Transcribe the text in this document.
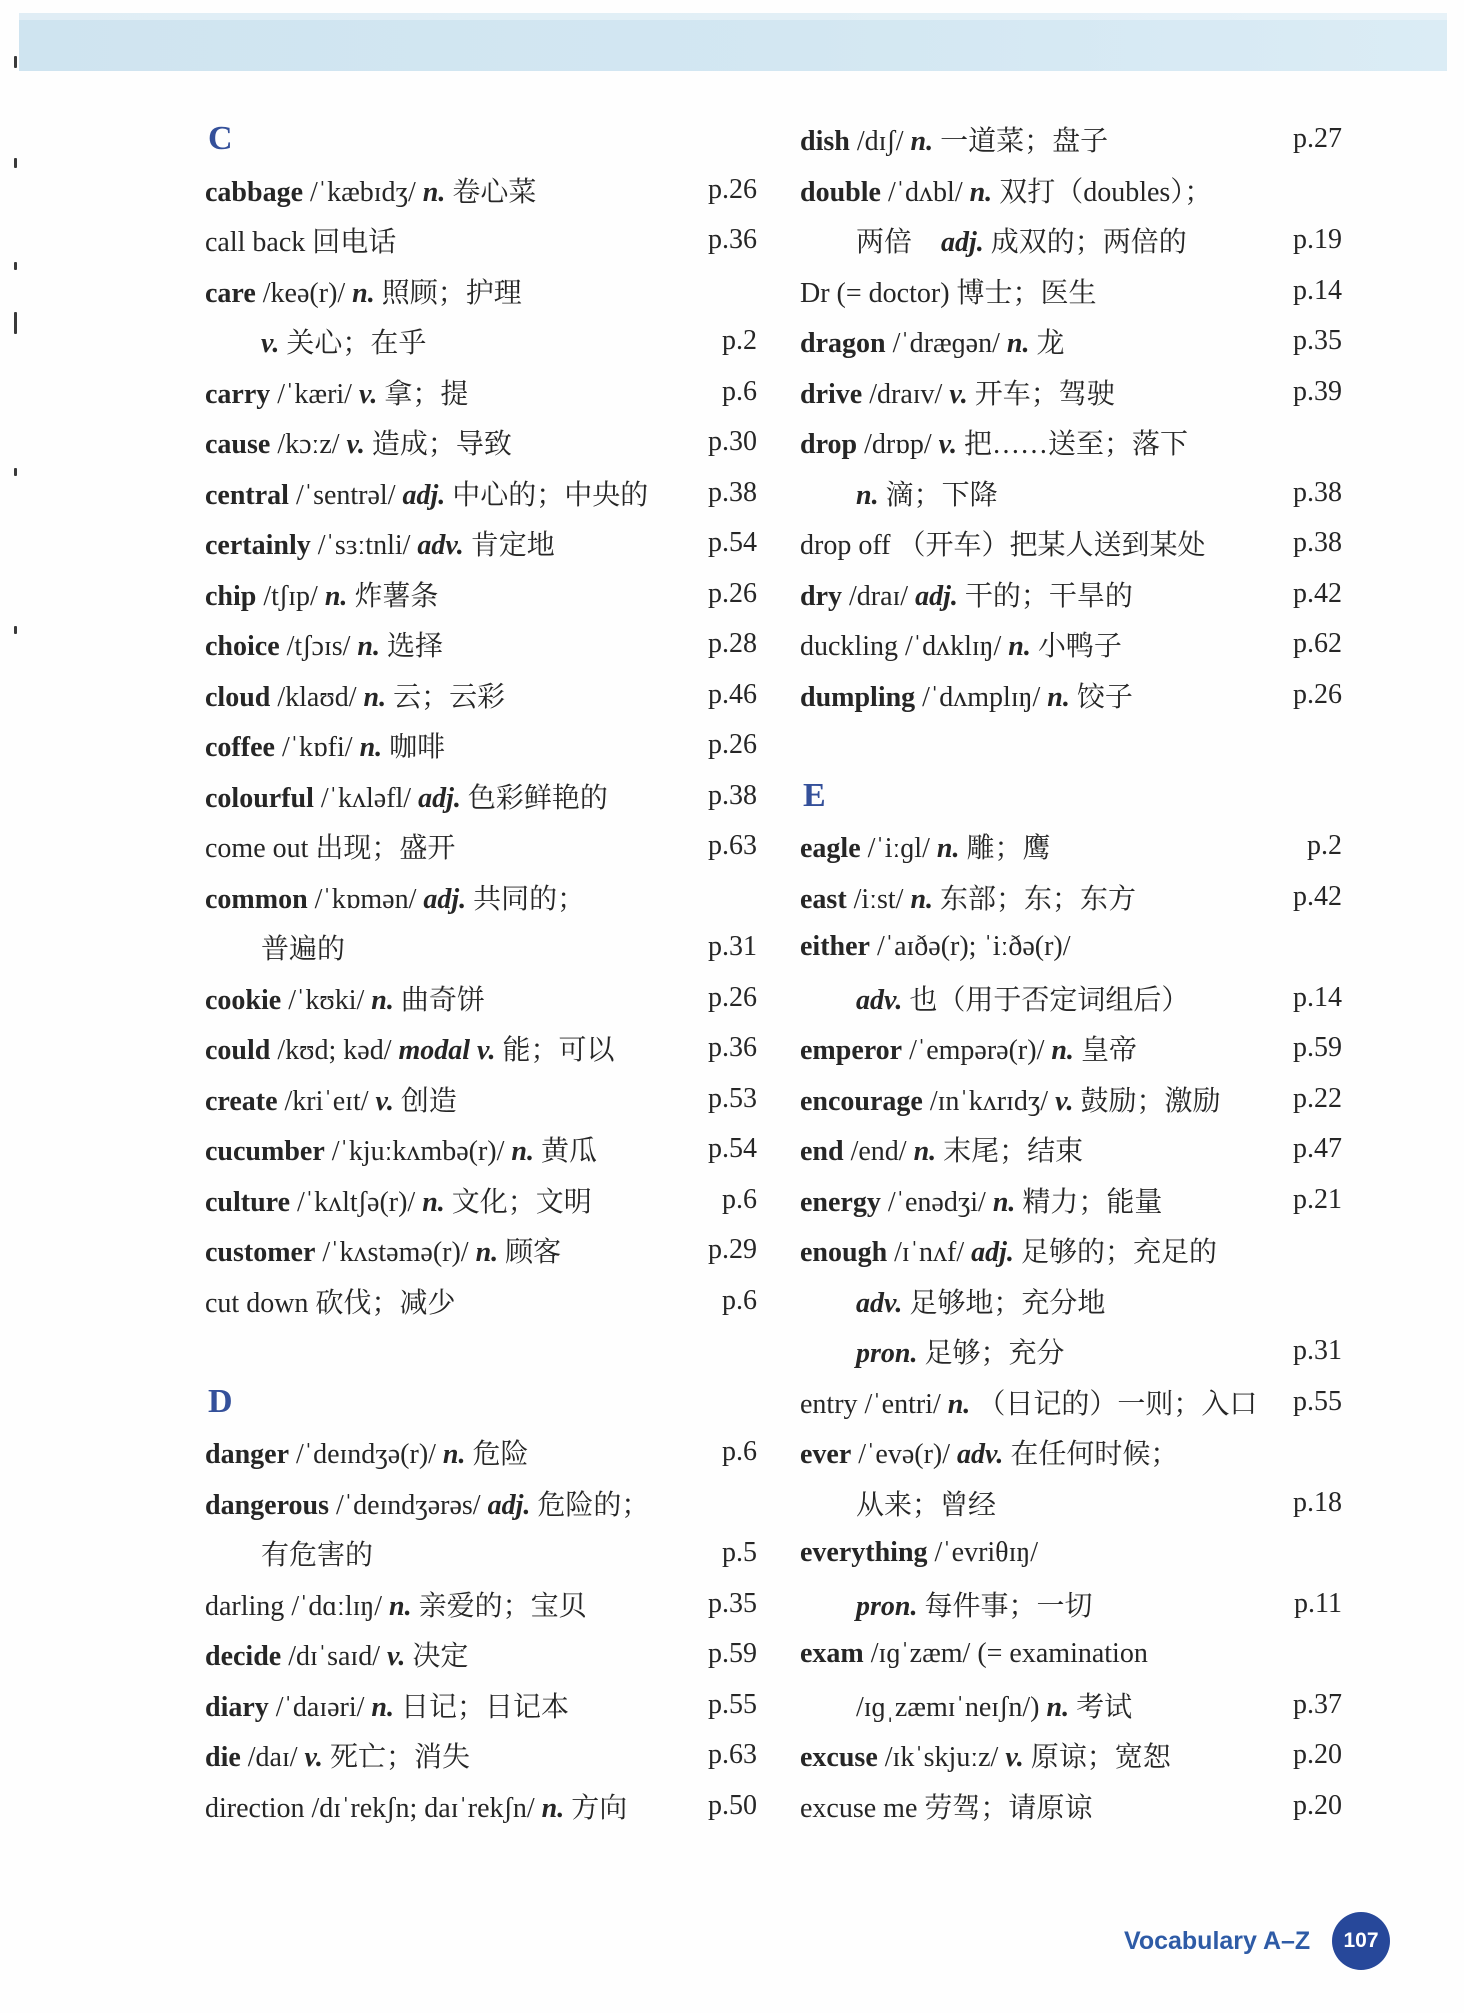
C
cabbage /ˈkæbɪdʒ/ n. 卷心菜	p.26
call back 回电话	p.36
care /keə(r)/ n. 照顾；护理
v. 关心；在乎	p.2
carry /ˈkæri/ v. 拿；提	p.6
cause /kɔːz/ v. 造成；导致	p.30
central /ˈsentrəl/ adj. 中心的；中央的	p.38
certainly /ˈsɜːtnli/ adv. 肯定地	p.54
chip /tʃɪp/ n. 炸薯条	p.26
choice /tʃɔɪs/ n. 选择	p.28
cloud /klaʊd/ n. 云；云彩	p.46
coffee /ˈkɒfi/ n. 咖啡	p.26
colourful /ˈkʌləfl/ adj. 色彩鲜艳的	p.38
come out 出现；盛开	p.63
common /ˈkɒmən/ adj. 共同的；
普遍的	p.31
cookie /ˈkʊki/ n. 曲奇饼	p.26
could /kʊd; kəd/ modal v. 能；可以	p.36
create /kriˈeɪt/ v. 创造	p.53
cucumber /ˈkjuːkʌmbə(r)/ n. 黄瓜	p.54
culture /ˈkʌltʃə(r)/ n. 文化；文明	p.6
customer /ˈkʌstəmə(r)/ n. 顾客	p.29
cut down 砍伐；减少	p.6
D
danger /ˈdeɪndʒə(r)/ n. 危险	p.6
dangerous /ˈdeɪndʒərəs/ adj. 危险的；
有危害的	p.5
darling /ˈdɑːlɪŋ/ n. 亲爱的；宝贝	p.35
decide /dɪˈsaɪd/ v. 决定	p.59
diary /ˈdaɪəri/ n. 日记；日记本	p.55
die /daɪ/ v. 死亡；消失	p.63
direction /dɪˈrekʃn; daɪˈrekʃn/ n. 方向	p.50
dish /dɪʃ/ n. 一道菜；盘子	p.27
double /ˈdʌbl/ n. 双打（doubles）；
两倍 adj. 成双的；两倍的	p.19
Dr (= doctor) 博士；医生	p.14
dragon /ˈdræɡən/ n. 龙	p.35
drive /draɪv/ v. 开车；驾驶	p.39
drop /drɒp/ v. 把……送至；落下
n. 滴；下降	p.38
drop off （开车）把某人送到某处	p.38
dry /draɪ/ adj. 干的；干旱的	p.42
duckling /ˈdʌklɪŋ/ n. 小鸭子	p.62
dumpling /ˈdʌmplɪŋ/ n. 饺子	p.26
E
eagle /ˈiːɡl/ n. 雕；鹰	p.2
east /iːst/ n. 东部；东；东方	p.42
either /ˈaɪðə(r); ˈiːðə(r)/
adv. 也（用于否定词组后）	p.14
emperor /ˈempərə(r)/ n. 皇帝	p.59
encourage /ɪnˈkʌrɪdʒ/ v. 鼓励；激励	p.22
end /end/ n. 末尾；结束	p.47
energy /ˈenədʒi/ n. 精力；能量	p.21
enough /ɪˈnʌf/ adj. 足够的；充足的
adv. 足够地；充分地
pron. 足够；充分	p.31
entry /ˈentri/ n. （日记的）一则；入口	p.55
ever /ˈevə(r)/ adv. 在任何时候；
从来；曾经	p.18
everything /ˈevriθɪŋ/
pron. 每件事；一切	p.11
exam /ɪɡˈzæm/ (= examination
/ɪɡˌzæmɪˈneɪʃn/) n. 考试	p.37
excuse /ɪkˈskjuːz/ v. 原谅；宽恕	p.20
excuse me 劳驾；请原谅	p.20
Vocabulary A–Z	107
